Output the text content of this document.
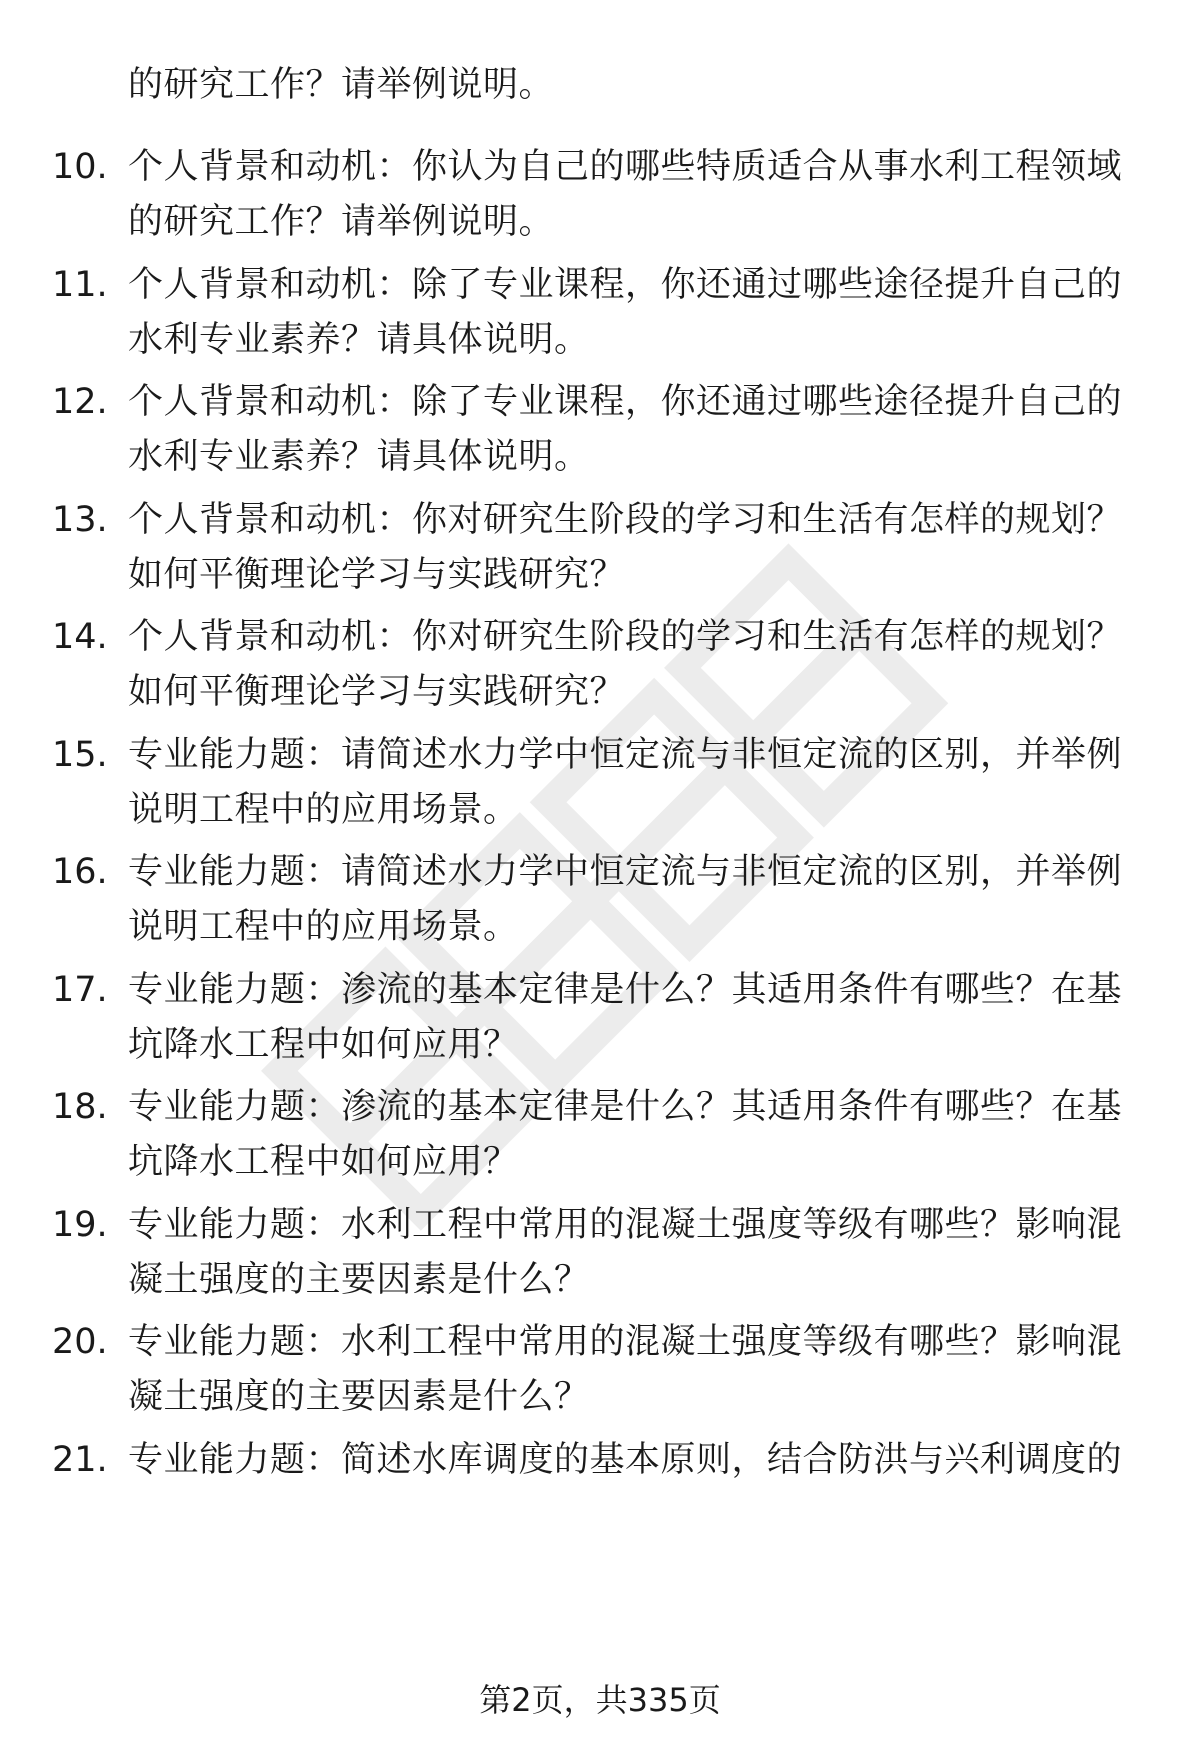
的研究工作？请举例说明。
10. 个人背景和动机：你认为自己的哪些特质适合从事水利工程领域的研究工作？请举例说明。
11. 个人背景和动机：除了专业课程，你还通过哪些途径提升自己的水利专业素养？请具体说明。
12. 个人背景和动机：除了专业课程，你还通过哪些途径提升自己的水利专业素养？请具体说明。
13. 个人背景和动机：你对研究生阶段的学习和生活有怎样的规划？如何平衡理论学习与实践研究？
14. 个人背景和动机：你对研究生阶段的学习和生活有怎样的规划？如何平衡理论学习与实践研究？
15. 专业能力题：请简述水力学中恒定流与非恒定流的区别，并举例说明工程中的应用场景。
16. 专业能力题：请简述水力学中恒定流与非恒定流的区别，并举例说明工程中的应用场景。
17. 专业能力题：渗流的基本定律是什么？其适用条件有哪些？在基坑降水工程中如何应用？
18. 专业能力题：渗流的基本定律是什么？其适用条件有哪些？在基坑降水工程中如何应用？
19. 专业能力题：水利工程中常用的混凝土强度等级有哪些？影响混凝土强度的主要因素是什么？
20. 专业能力题：水利工程中常用的混凝土强度等级有哪些？影响混凝土强度的主要因素是什么？
21. 专业能力题：简述水库调度的基本原则，结合防洪与兴利调度的
第2页，共335页
